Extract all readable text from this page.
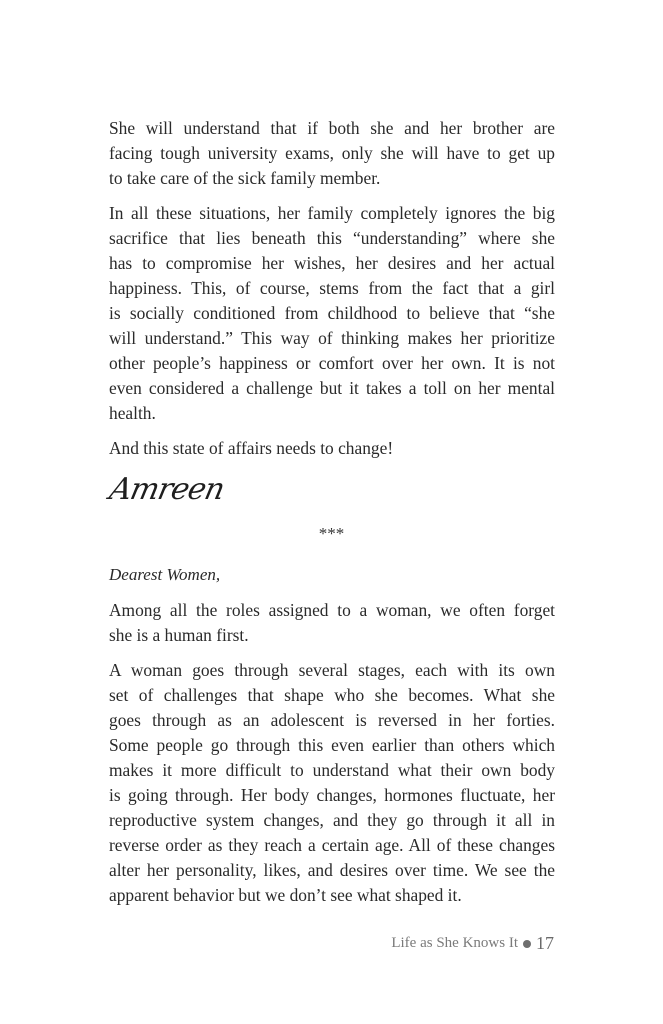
She will understand that if both she and her brother are
facing tough university exams, only she will have to get up
to take care of the sick family member.
In all these situations, her family completely ignores the big
sacrifice that lies beneath this “understanding” where she
has to compromise her wishes, her desires and her actual
happiness. This, of course, stems from the fact that a girl
is socially conditioned from childhood to believe that “she
will understand.” This way of thinking makes her prioritize
other people’s happiness or comfort over her own. It is not
even considered a challenge but it takes a toll on her mental
health.
And this state of affairs needs to change!
Amreen
***
Dearest Women,
Among all the roles assigned to a woman, we often forget
she is a human first.
A woman goes through several stages, each with its own
set of challenges that shape who she becomes. What she
goes through as an adolescent is reversed in her forties.
Some people go through this even earlier than others which
makes it more difficult to understand what their own body
is going through. Her body changes, hormones fluctuate, her
reproductive system changes, and they go through it all in
reverse order as they reach a certain age. All of these changes
alter her personality, likes, and desires over time. We see the
apparent behavior but we don’t see what shaped it.
Life as She Knows It 17
